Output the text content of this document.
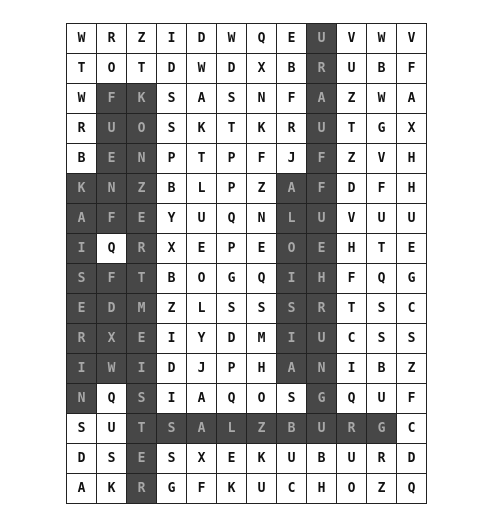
W	R	Z	I	D	W	Q	E	U	V	W	V
T	O	T	D	W	D	X	B	R	U	B	F
W	F	K	S	A	S	N	F	A	Z	W	A
R	U	O	S	K	T	K	R	U	T	G	X
B	E	N	P	T	P	F	J	F	Z	V	H
K	N	Z	B	L	P	Z	A	F	D	F	H
A	F	E	Y	U	Q	N	L	U	V	U	U
I	Q	R	X	E	P	E	O	E	H	T	E
S	F	T	B	O	G	Q	I	H	F	Q	G
E	D	M	Z	L	S	S	S	R	T	S	C
R	X	E	I	Y	D	M	I	U	C	S	S
I	W	I	D	J	P	H	A	N	I	B	Z
N	Q	S	I	A	Q	O	S	G	Q	U	F
S	U	T	S	A	L	Z	B	U	R	G	C
D	S	E	S	X	E	K	U	B	U	R	D
A	K	R	G	F	K	U	C	H	O	Z	Q
